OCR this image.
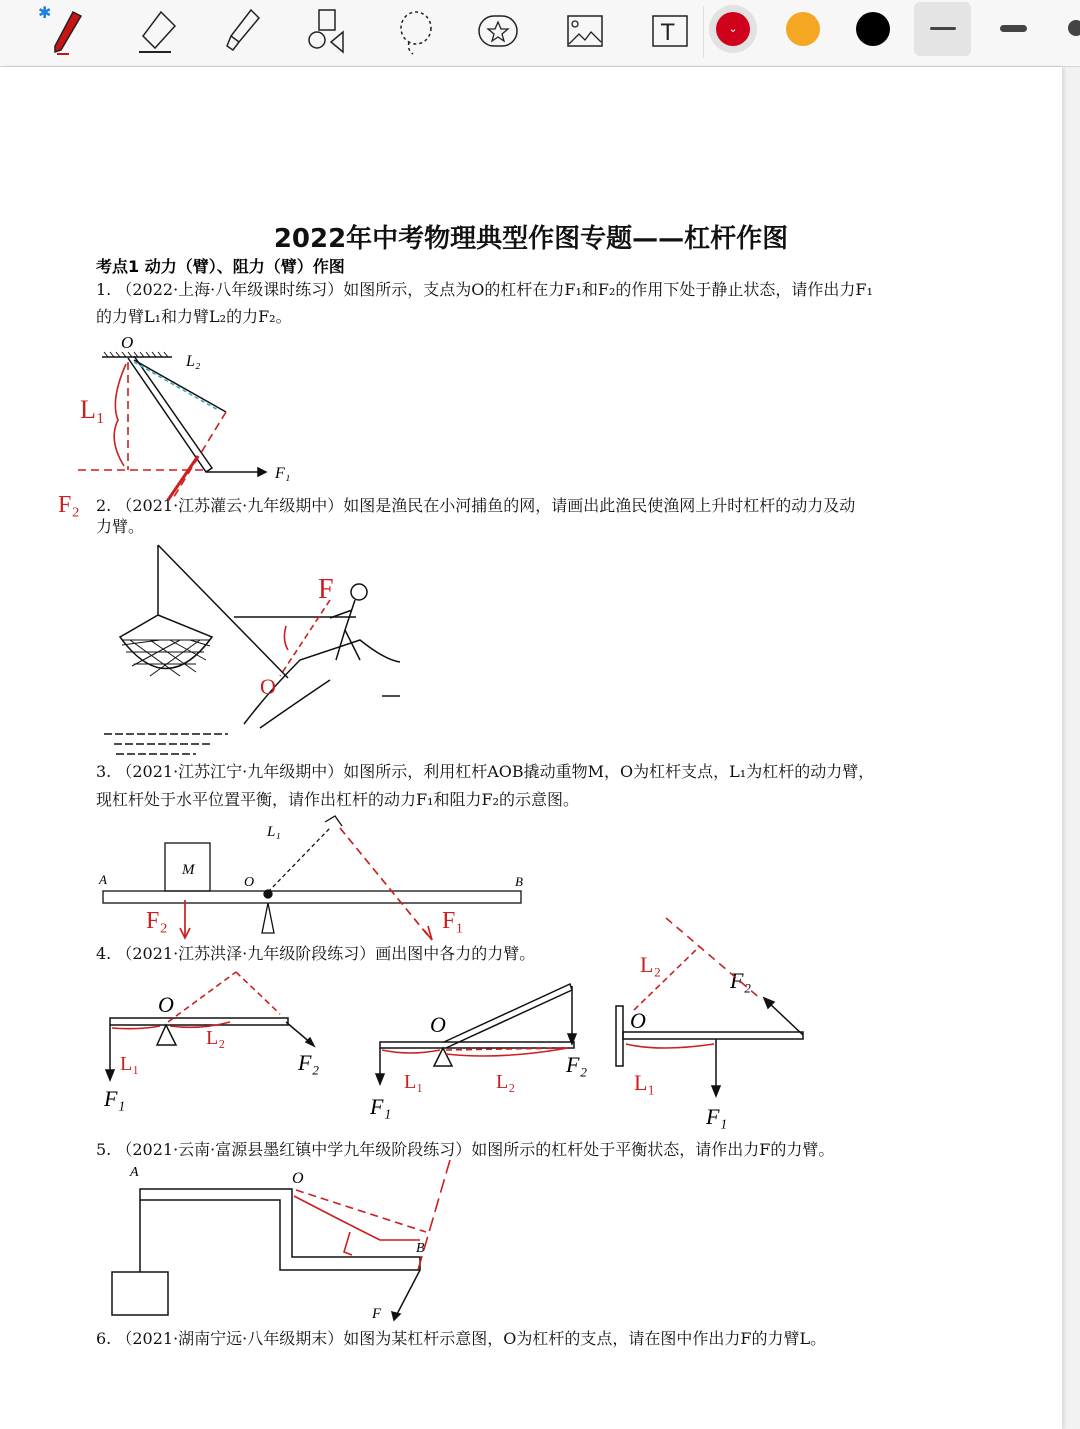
✱
T	⌄
2022年中考物理典型作图专题——杠杆作图
考点1 动力（臂）、阻力（臂）作图
1. （2022·上海·八年级课时练习）如图所示，支点为O的杠杆在力F₁和F₂的作用下处于静止状态，请作出力F₁
的力臂L₁和力臂L₂的力F₂。
2. （2021·江苏灌云·九年级期中）如图是渔民在小河捕鱼的网，请画出此渔民使渔网上升时杠杆的动力及动
力臂。
3. （2021·江苏江宁·九年级期中）如图所示，利用杠杆AOB撬动重物M，O为杠杆支点，L₁为杠杆的动力臂，
现杠杆处于水平位置平衡，请作出杠杆的动力F₁和阻力F₂的示意图。
4. （2021·江苏洪泽·九年级阶段练习）画出图中各力的力臂。
5. （2021·云南·富源县墨红镇中学九年级阶段练习）如图所示的杠杆处于平衡状态，请作出力F的力臂。
6. （2021·湖南宁远·八年级期末）如图为某杠杆示意图，O为杠杆的支点，请在图中作出力F的力臂L。
O
L₂
F₁
L₁
F₂
F
O
A
M
O
L₁
B
F₂	F₁
O
F₂
F₁
O
F₂
F₁
O
F₂
F₁
L₁
L₂
L₁	L₂	L₁
L₂
A	O
B
F
